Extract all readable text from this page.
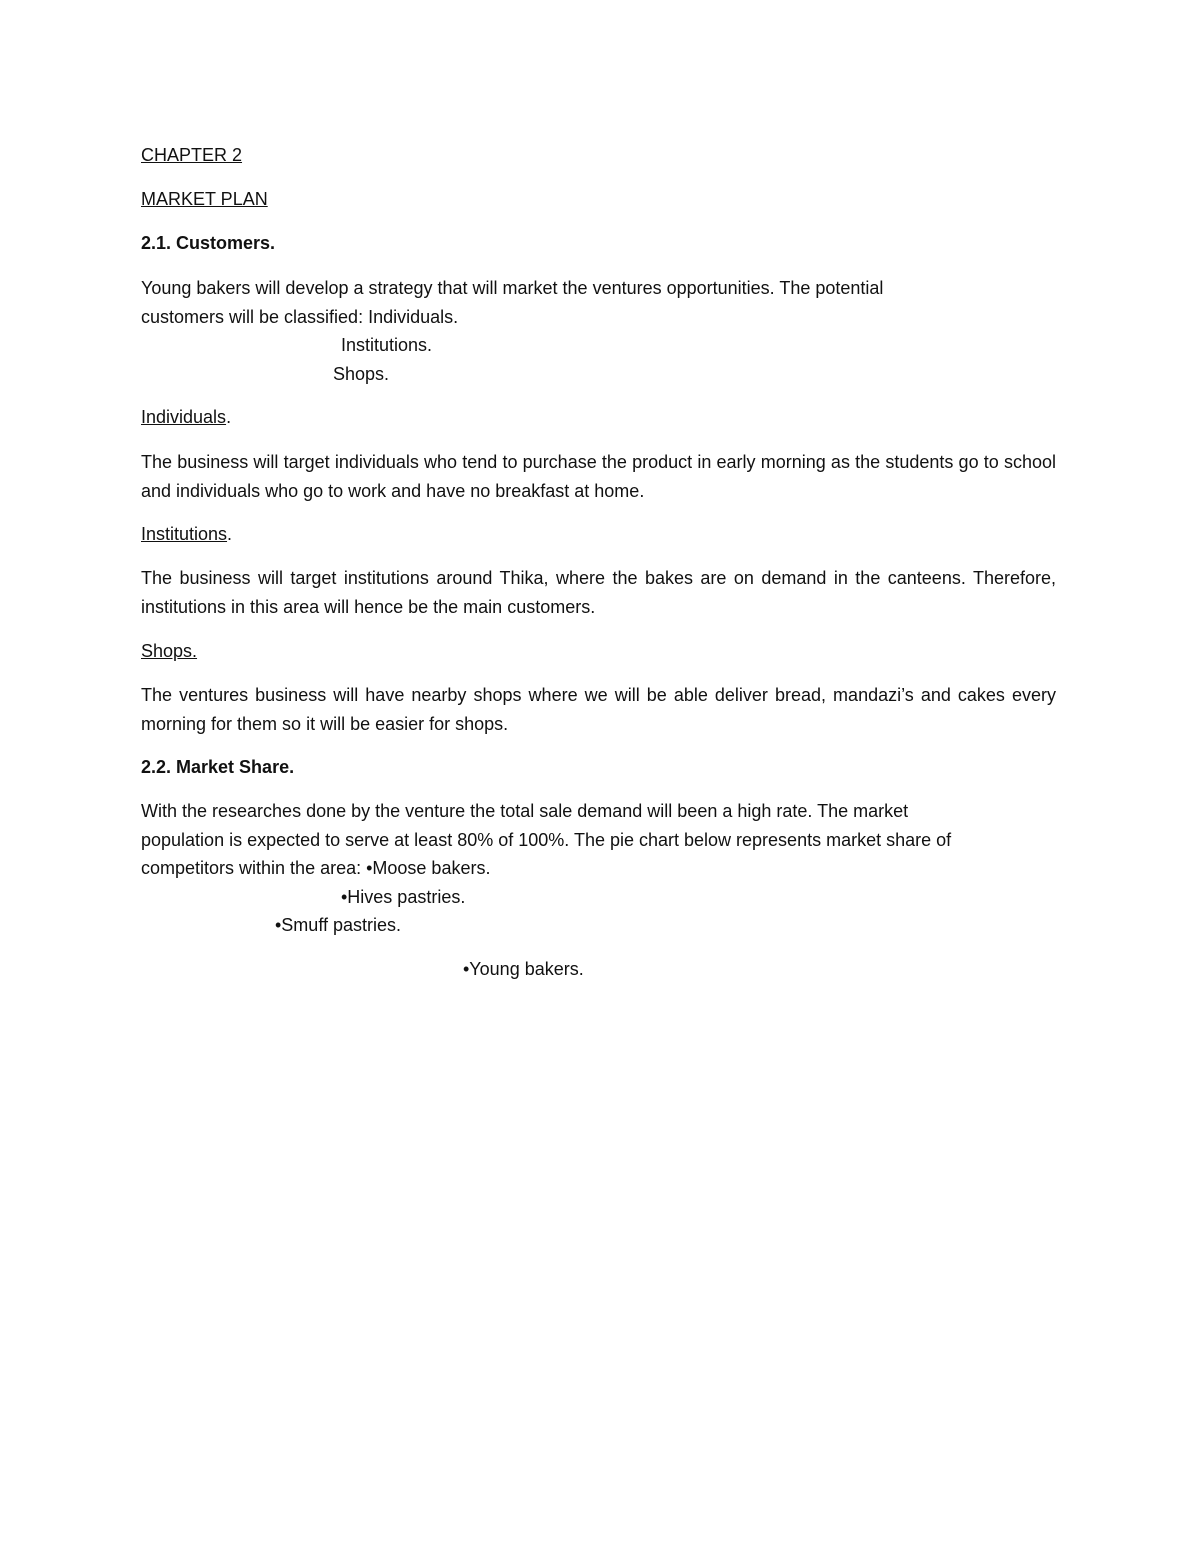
CHAPTER 2
MARKET PLAN
2.1. Customers.
Young bakers will develop a strategy that will market the ventures opportunities. The potential
customers will be classified: Individuals.
Institutions.
Shops.
Individuals.
The business will target individuals who tend to purchase the product in early morning as the students go to school and individuals who go to work and have no breakfast at home.
Institutions.
The business will target institutions around Thika, where the bakes are on demand in the canteens. Therefore, institutions in this area will hence be the main customers.
Shops.
The ventures business will have nearby shops where we will be able deliver bread, mandazi’s and cakes every morning for them so it will be easier for shops.
2.2. Market Share.
With the researches done by the venture the total sale demand will been a high rate. The market
population is expected to serve at least 80% of 100%. The pie chart below represents market share of
competitors within the area: •Moose bakers.
•Hives pastries.
•Smuff pastries.
•Young bakers.
